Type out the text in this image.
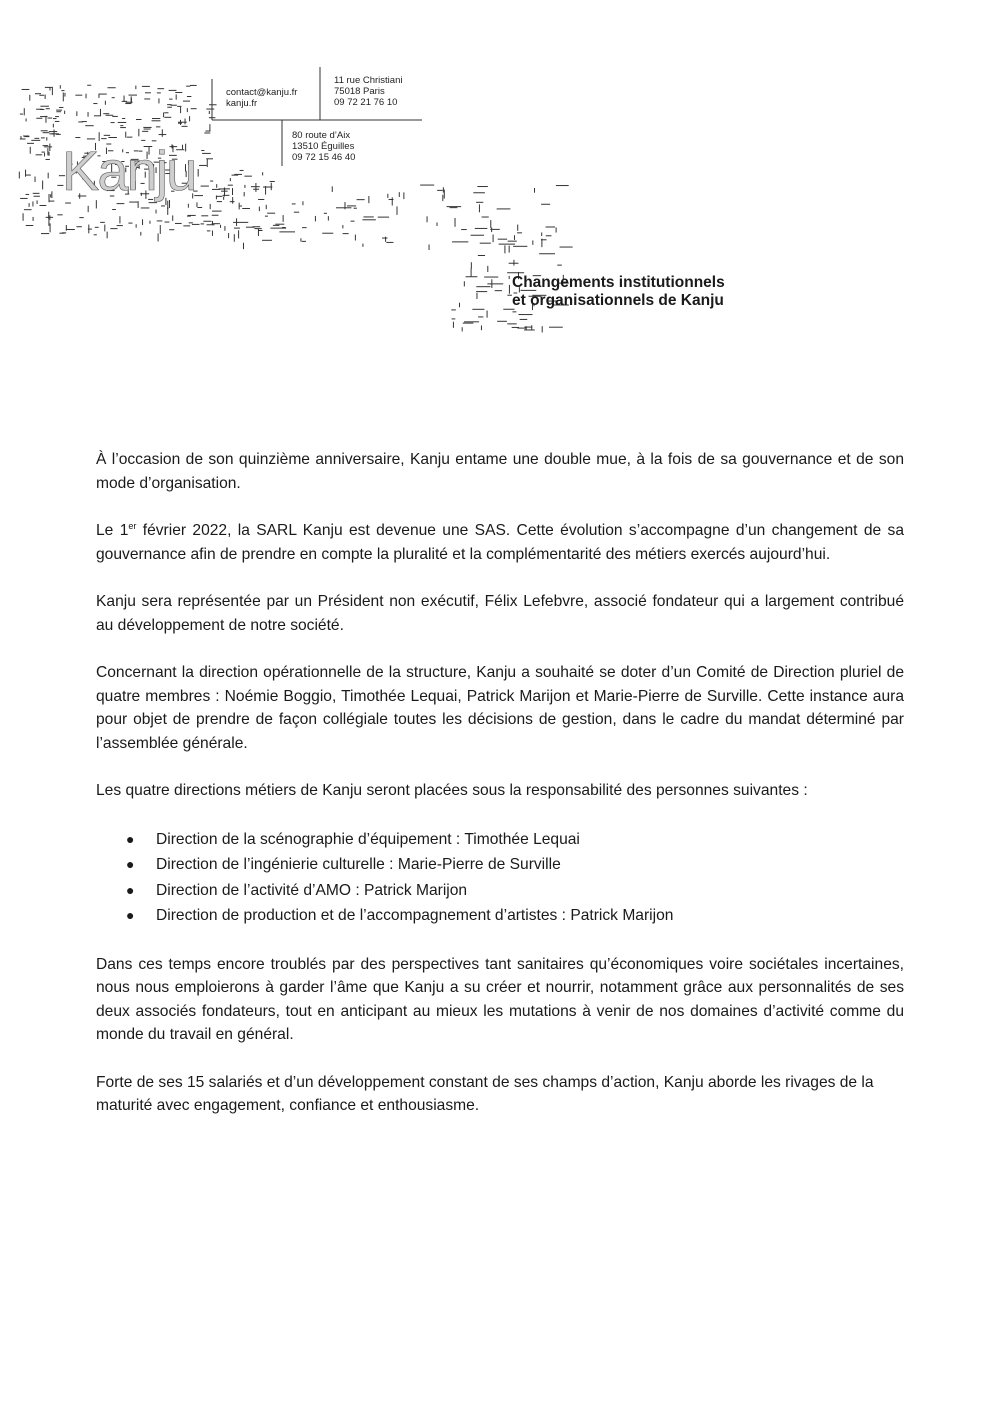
Kanju
contact@kanju.fr
kanju.fr
11 rue Christiani
75018 Paris
09 72 21 76 10
80 route d’Aix
13510 Éguilles
09 72 15 46 40
Changements institutionnels
et organisationnels de Kanju

À l’occasion de son quinzième anniversaire, Kanju entame une double mue, à la fois de sa gouvernance et de son mode d’organisation.

Le 1er février 2022, la SARL Kanju est devenue une SAS. Cette évolution s’accompagne d’un changement de sa gouvernance afin de prendre en compte la pluralité et la complémentarité des métiers exercés aujourd’hui.

Kanju sera représentée par un Président non exécutif, Félix Lefebvre, associé fondateur qui a largement contribué au développement de notre société.

Concernant la direction opérationnelle de la structure, Kanju a souhaité se doter d’un Comité de Direction pluriel de quatre membres : Noémie Boggio, Timothée Lequai, Patrick Marijon et Marie-Pierre de Surville. Cette instance aura pour objet de prendre de façon collégiale toutes les décisions de gestion, dans le cadre du mandat déterminé par l’assemblée générale.

Les quatre directions métiers de Kanju seront placées sous la responsabilité des personnes suivantes :

● Direction de la scénographie d’équipement : Timothée Lequai
● Direction de l’ingénierie culturelle : Marie-Pierre de Surville
● Direction de l’activité d’AMO : Patrick Marijon
● Direction de production et de l’accompagnement d’artistes : Patrick Marijon

Dans ces temps encore troublés par des perspectives tant sanitaires qu’économiques voire sociétales incertaines, nous nous emploierons à garder l’âme que Kanju a su créer et nourrir, notamment grâce aux personnalités de ses deux associés fondateurs, tout en anticipant au mieux les mutations à venir de nos domaines d’activité comme du monde du travail en général.

Forte de ses 15 salariés et d’un développement constant de ses champs d’action, Kanju aborde les rivages de la maturité avec engagement, confiance et enthousiasme.
